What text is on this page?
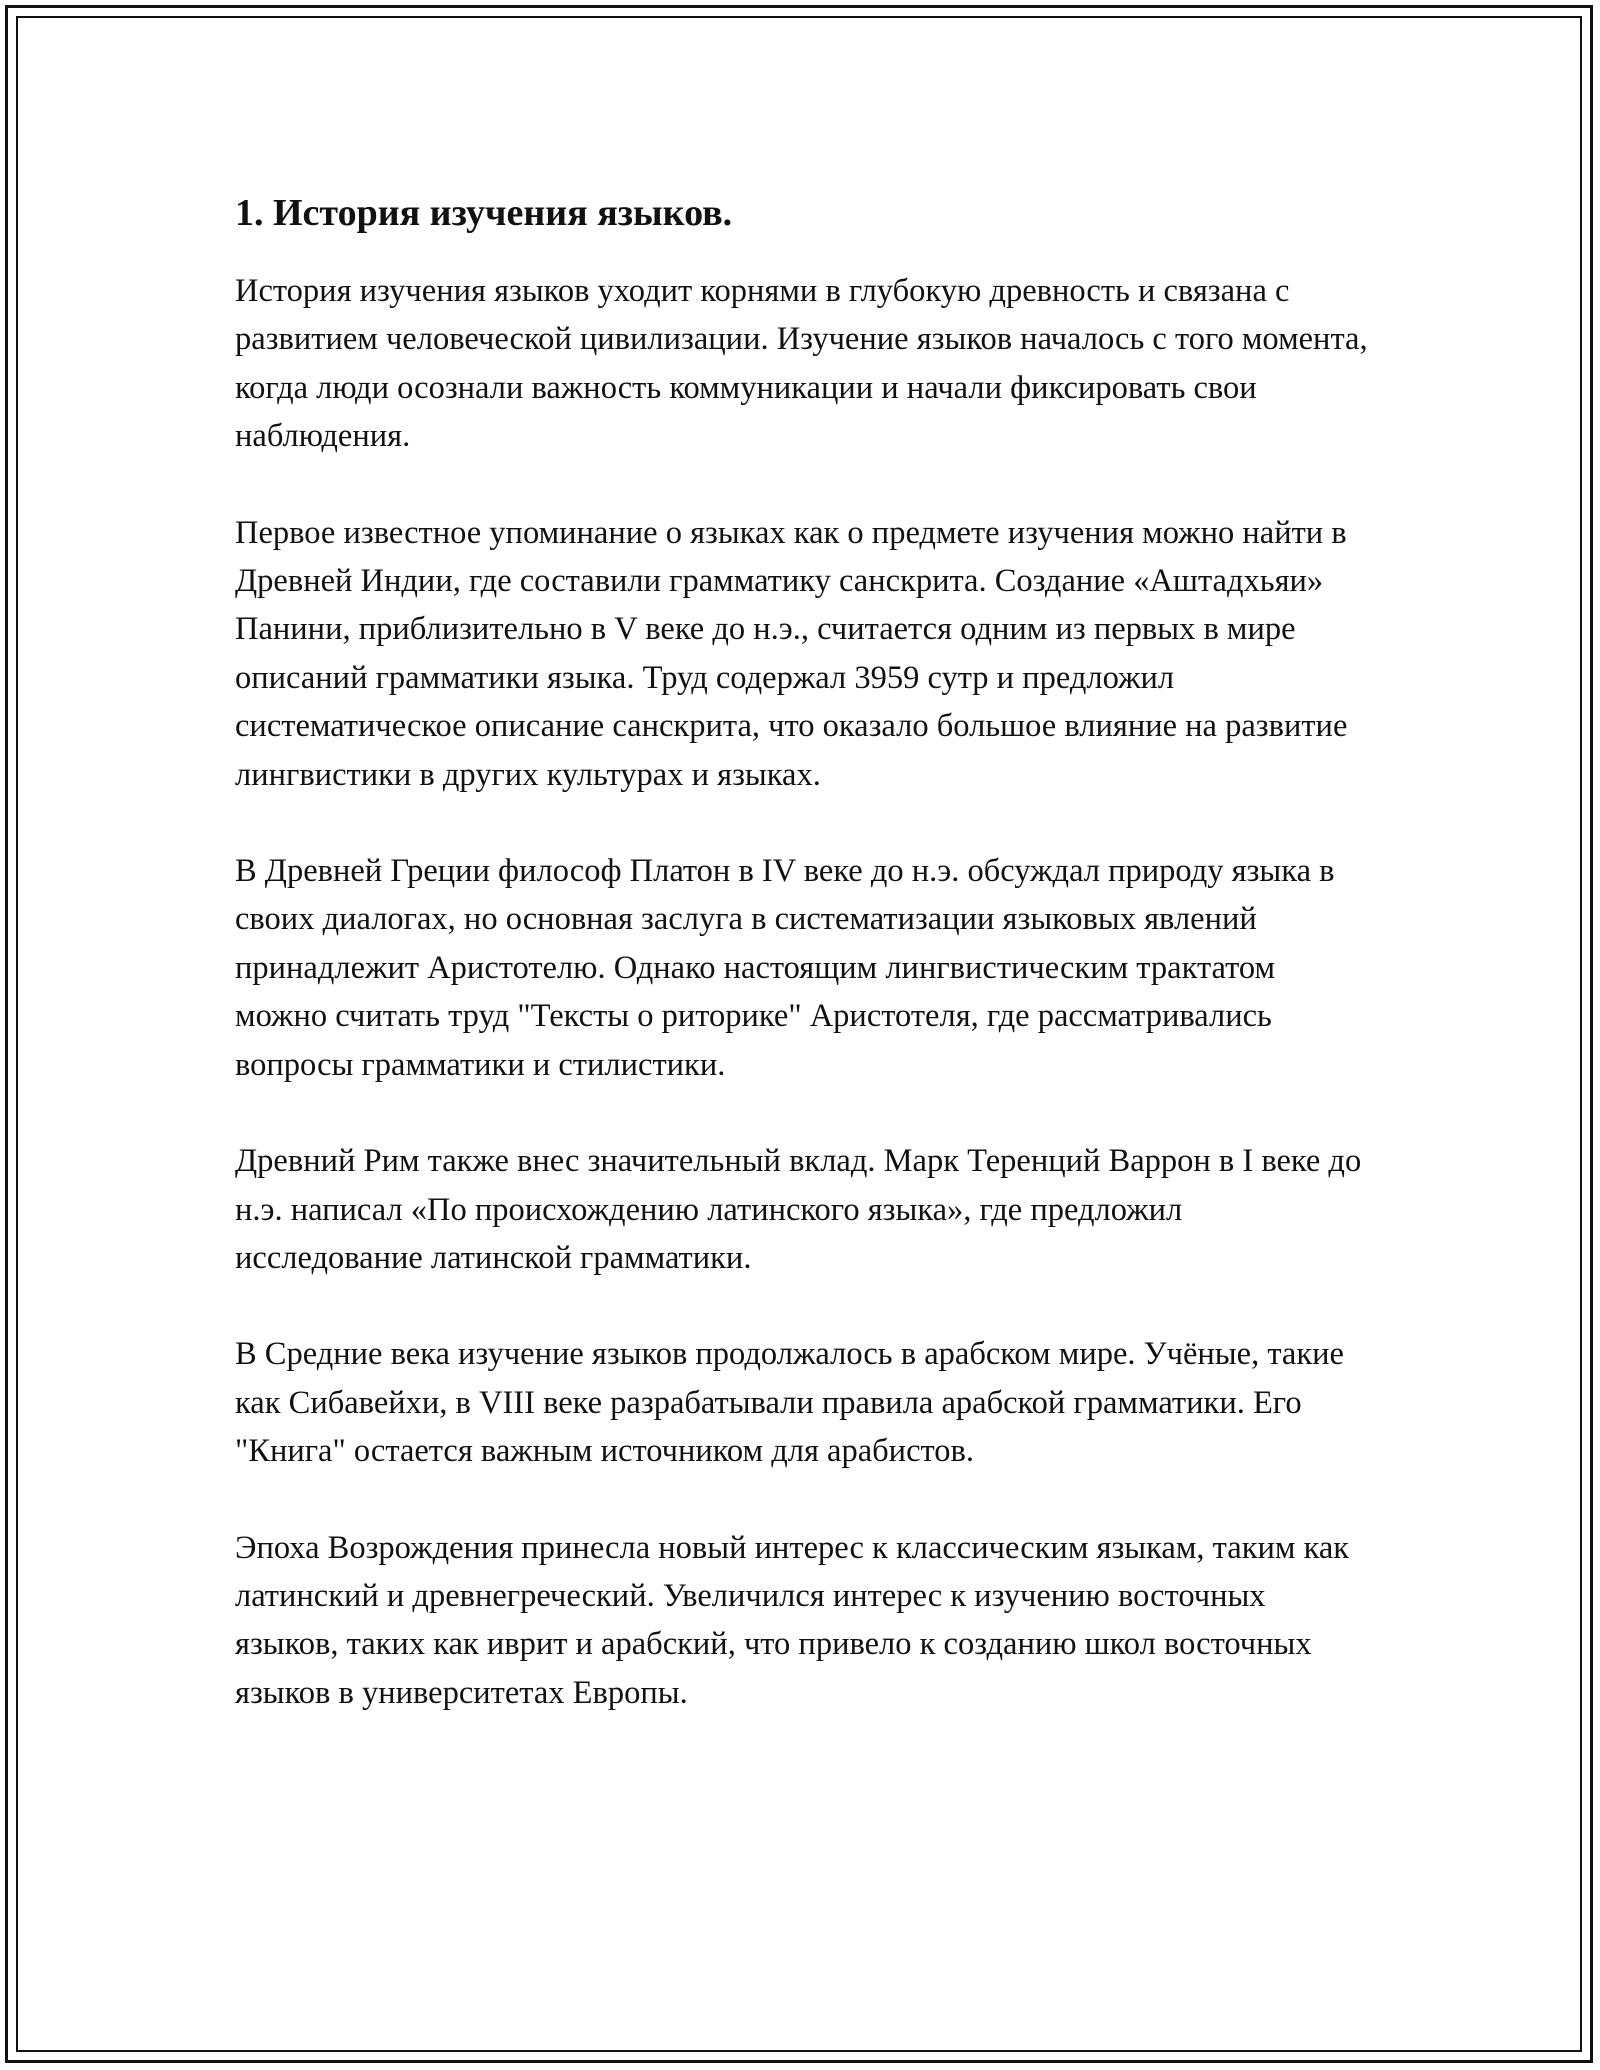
1. История изучения языков.

История изучения языков уходит корнями в глубокую древность и связана с развитием человеческой цивилизации. Изучение языков началось с того момента, когда люди осознали важность коммуникации и начали фиксировать свои наблюдения.

Первое известное упоминание о языках как о предмете изучения можно найти в Древней Индии, где составили грамматику санскрита. Создание «Аштадхьяи» Панини, приблизительно в V веке до н.э., считается одним из первых в мире описаний грамматики языка. Труд содержал 3959 сутр и предложил систематическое описание санскрита, что оказало большое влияние на развитие лингвистики в других культурах и языках.

В Древней Греции философ Платон в IV веке до н.э. обсуждал природу языка в своих диалогах, но основная заслуга в систематизации языковых явлений принадлежит Аристотелю. Однако настоящим лингвистическим трактатом можно считать труд "Тексты о риторике" Аристотеля, где рассматривались вопросы грамматики и стилистики.

Древний Рим также внес значительный вклад. Марк Теренций Варрон в I веке до н.э. написал «По происхождению латинского языка», где предложил исследование латинской грамматики.

В Средние века изучение языков продолжалось в арабском мире. Учёные, такие как Сибавейхи, в VIII веке разрабатывали правила арабской грамматики. Его "Книга" остается важным источником для арабистов.

Эпоха Возрождения принесла новый интерес к классическим языкам, таким как латинский и древнегреческий. Увеличился интерес к изучению восточных языков, таких как иврит и арабский, что привело к созданию школ восточных языков в университетах Европы.
